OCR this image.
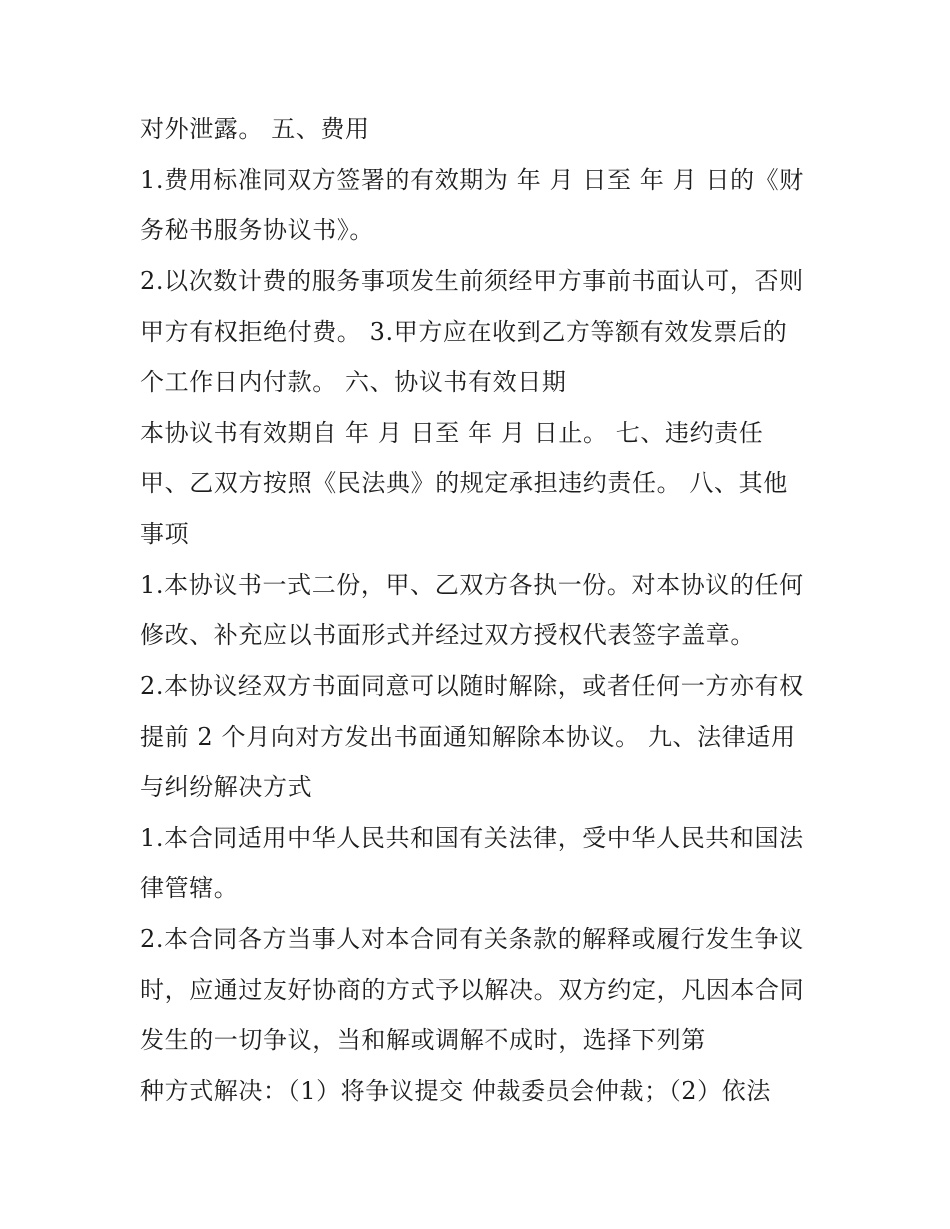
对外泄露。 五、费用

1.费用标准同双方签署的有效期为 年 月 日至 年 月 日的《财

务秘书服务协议书》。

2.以次数计费的服务事项发生前须经甲方事前书面认可，否则

甲方有权拒绝付费。 3.甲方应在收到乙方等额有效发票后的

个工作日内付款。 六、协议书有效日期

本协议书有效期自 年 月 日至 年 月 日止。 七、违约责任

甲、乙双方按照《民法典》的规定承担违约责任。 八、其他

事项

1.本协议书一式二份，甲、乙双方各执一份。对本协议的任何

修改、补充应以书面形式并经过双方授权代表签字盖章。

2.本协议经双方书面同意可以随时解除，或者任何一方亦有权

提前 2 个月向对方发出书面通知解除本协议。 九、法律适用

与纠纷解决方式

1.本合同适用中华人民共和国有关法律，受中华人民共和国法

律管辖。

2.本合同各方当事人对本合同有关条款的解释或履行发生争议

时，应通过友好协商的方式予以解决。双方约定，凡因本合同

发生的一切争议，当和解或调解不成时，选择下列第

种方式解决：（1）将争议提交 仲裁委员会仲裁；（2）依法
